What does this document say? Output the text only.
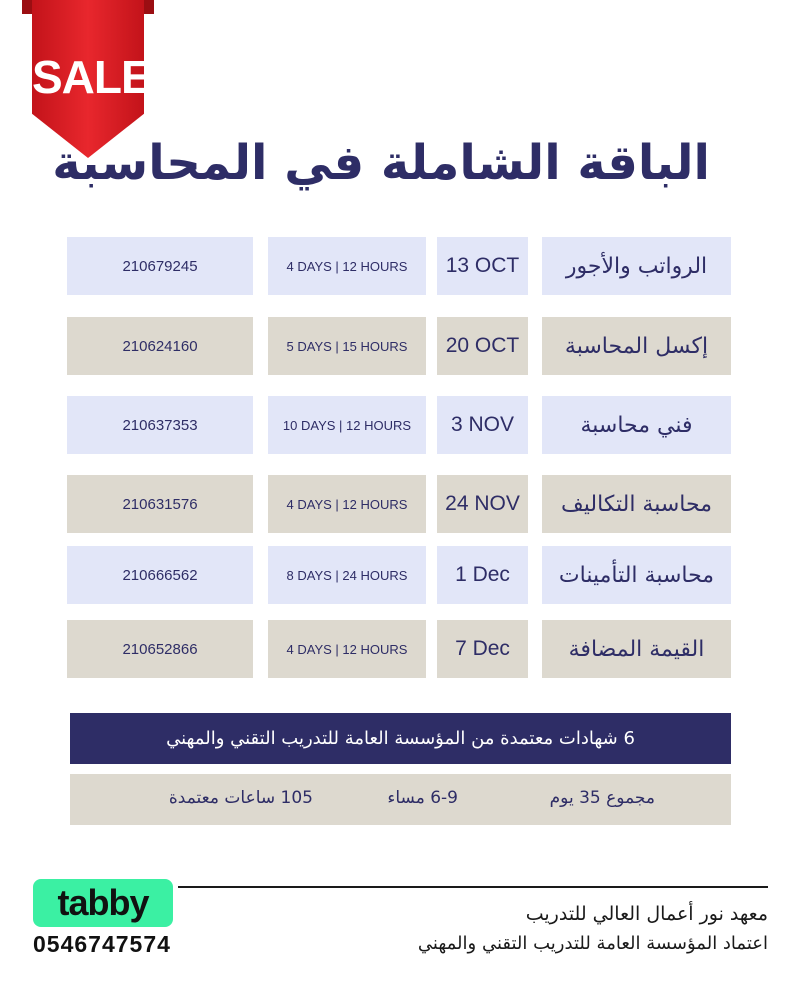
SALE
الباقة الشاملة في المحاسبة
210679245	4 DAYS | 12 HOURS	13 OCT	الرواتب والأجور
210624160	5 DAYS | 15 HOURS	20 OCT	إكسل المحاسبة
210637353	10 DAYS | 12 HOURS	3 NOV	فني محاسبة
210631576	4 DAYS | 12 HOURS	24 NOV	محاسبة التكاليف
210666562	8 DAYS | 24 HOURS	1 Dec	محاسبة التأمينات
210652866	4 DAYS | 12 HOURS	7 Dec	القيمة المضافة
6 شهادات معتمدة من المؤسسة العامة للتدريب التقني والمهني
مجموع 35 يوم
6-9 مساء
105 ساعات معتمدة
tabby
0546747574
معهد نور أعمال العالي للتدريب
اعتماد المؤسسة العامة للتدريب التقني والمهني
